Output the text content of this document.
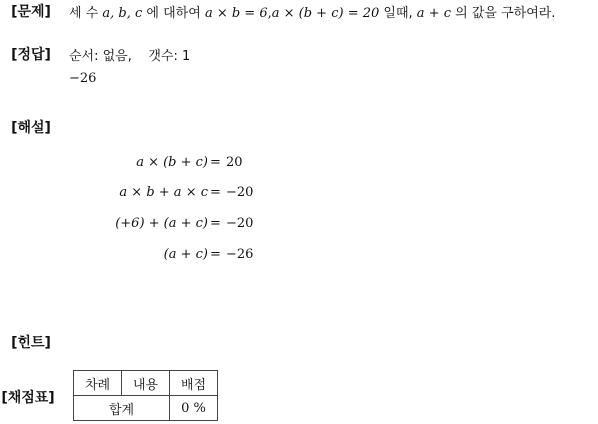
[문제]	세 수 a, b, c 에 대하여 a × b = 6,a × (b + c) = 20 일때, a + c 의 값을 구하여라.
[정답]	순서: 없음,    갯수: 1
−26
[해설]
a × (b + c) = 20
a × b + a × c = −20
(+6) + (a + c) = −20
(a + c) = −26
[힌트]
[채점표]
차례	내용	배점
합계		0 %
